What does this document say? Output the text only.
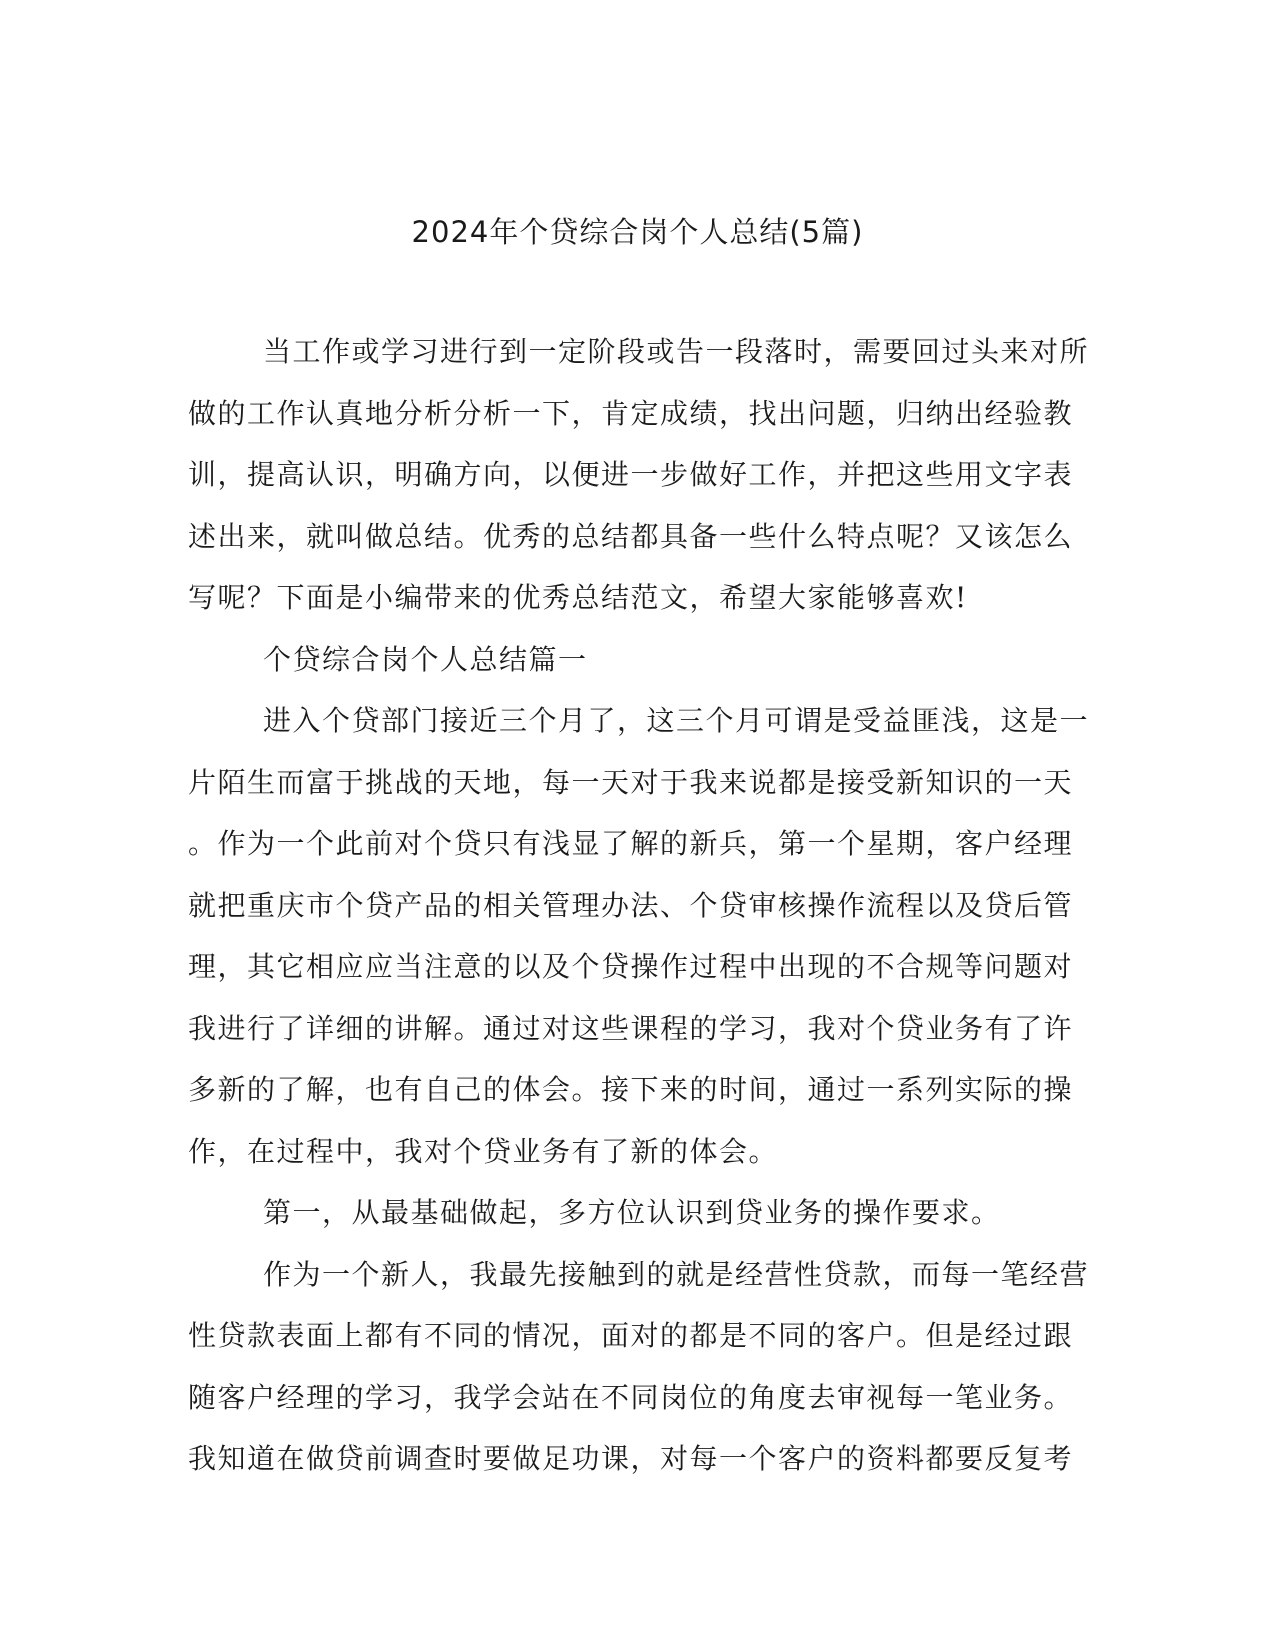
2024年个贷综合岗个人总结(5篇)
当工作或学习进行到一定阶段或告一段落时，需要回过头来对所
做的工作认真地分析分析一下，肯定成绩，找出问题，归纳出经验教
训，提高认识，明确方向，以便进一步做好工作，并把这些用文字表
述出来，就叫做总结。优秀的总结都具备一些什么特点呢？又该怎么
写呢？下面是小编带来的优秀总结范文，希望大家能够喜欢!
个贷综合岗个人总结篇一
进入个贷部门接近三个月了，这三个月可谓是受益匪浅，这是一
片陌生而富于挑战的天地，每一天对于我来说都是接受新知识的一天
。作为一个此前对个贷只有浅显了解的新兵，第一个星期，客户经理
就把重庆市个贷产品的相关管理办法、个贷审核操作流程以及贷后管
理，其它相应应当注意的以及个贷操作过程中出现的不合规等问题对
我进行了详细的讲解。通过对这些课程的学习，我对个贷业务有了许
多新的了解，也有自己的体会。接下来的时间，通过一系列实际的操
作，在过程中，我对个贷业务有了新的体会。
第一，从最基础做起，多方位认识到贷业务的操作要求。
作为一个新人，我最先接触到的就是经营性贷款，而每一笔经营
性贷款表面上都有不同的情况，面对的都是不同的客户。但是经过跟
随客户经理的学习，我学会站在不同岗位的角度去审视每一笔业务。
我知道在做贷前调查时要做足功课，对每一个客户的资料都要反复考
